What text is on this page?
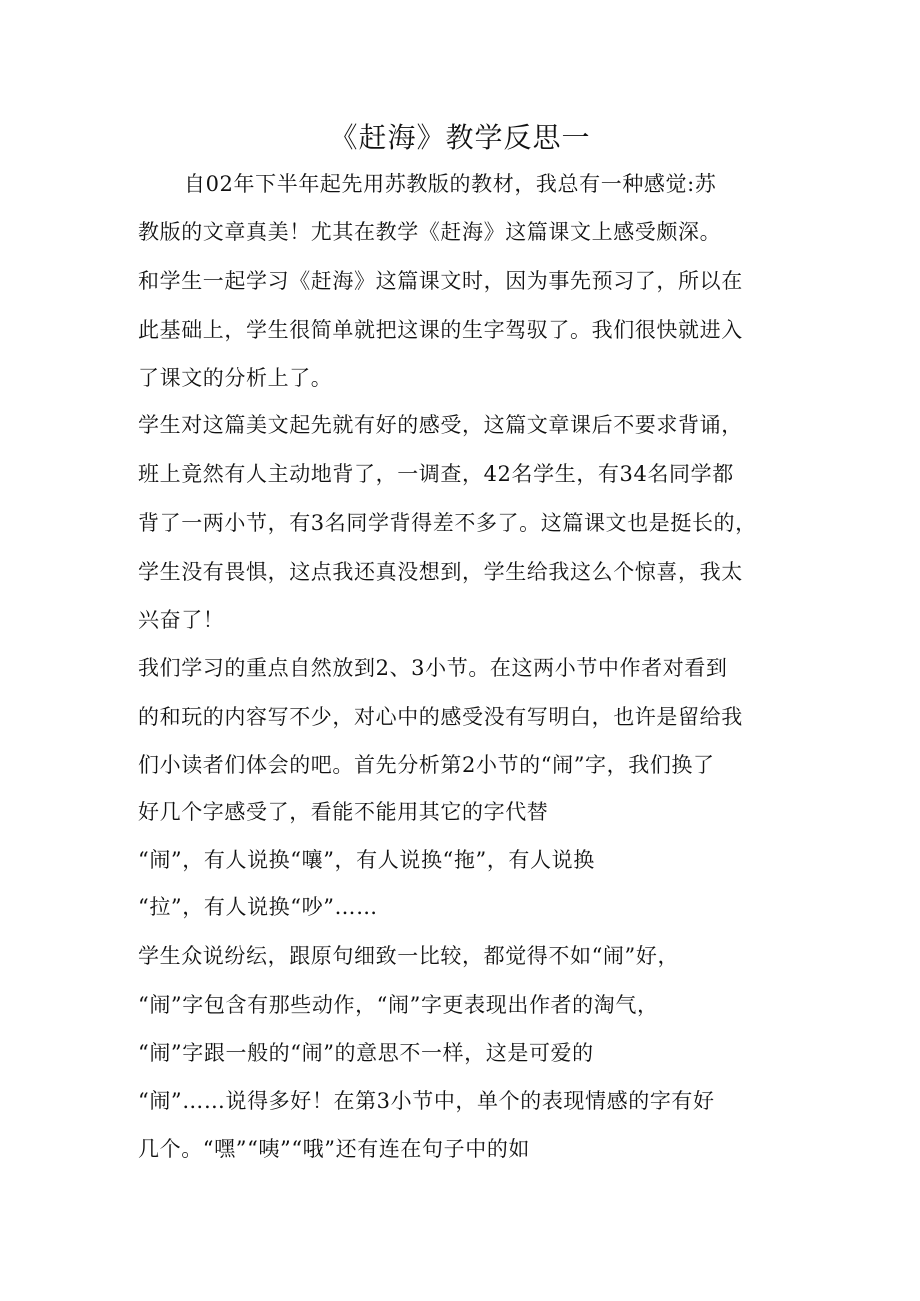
《赶海》教学反思一

自02年下半年起先用苏教版的教材，我总有一种感觉:苏

教版的文章真美！尤其在教学《赶海》这篇课文上感受颇深。

和学生一起学习《赶海》这篇课文时，因为事先预习了，所以在

此基础上，学生很简单就把这课的生字驾驭了。我们很快就进入

了课文的分析上了。

学生对这篇美文起先就有好的感受，这篇文章课后不要求背诵，

班上竟然有人主动地背了，一调查，42名学生，有34名同学都

背了一两小节，有3名同学背得差不多了。这篇课文也是挺长的，

学生没有畏惧，这点我还真没想到，学生给我这么个惊喜，我太

兴奋了！

我们学习的重点自然放到2、3小节。在这两小节中作者对看到

的和玩的内容写不少，对心中的感受没有写明白，也许是留给我

们小读者们体会的吧。首先分析第2小节的“闹”字，我们换了

好几个字感受了，看能不能用其它的字代替

“闹”，有人说换“嚷”，有人说换“拖”，有人说换

“拉”，有人说换“吵”……

学生众说纷纭，跟原句细致一比较，都觉得不如“闹”好，

“闹”字包含有那些动作，“闹”字更表现出作者的淘气，

“闹”字跟一般的“闹”的意思不一样，这是可爱的

“闹”……说得多好！在第3小节中，单个的表现情感的字有好

几个。“嘿”“咦”“哦”还有连在句子中的如
